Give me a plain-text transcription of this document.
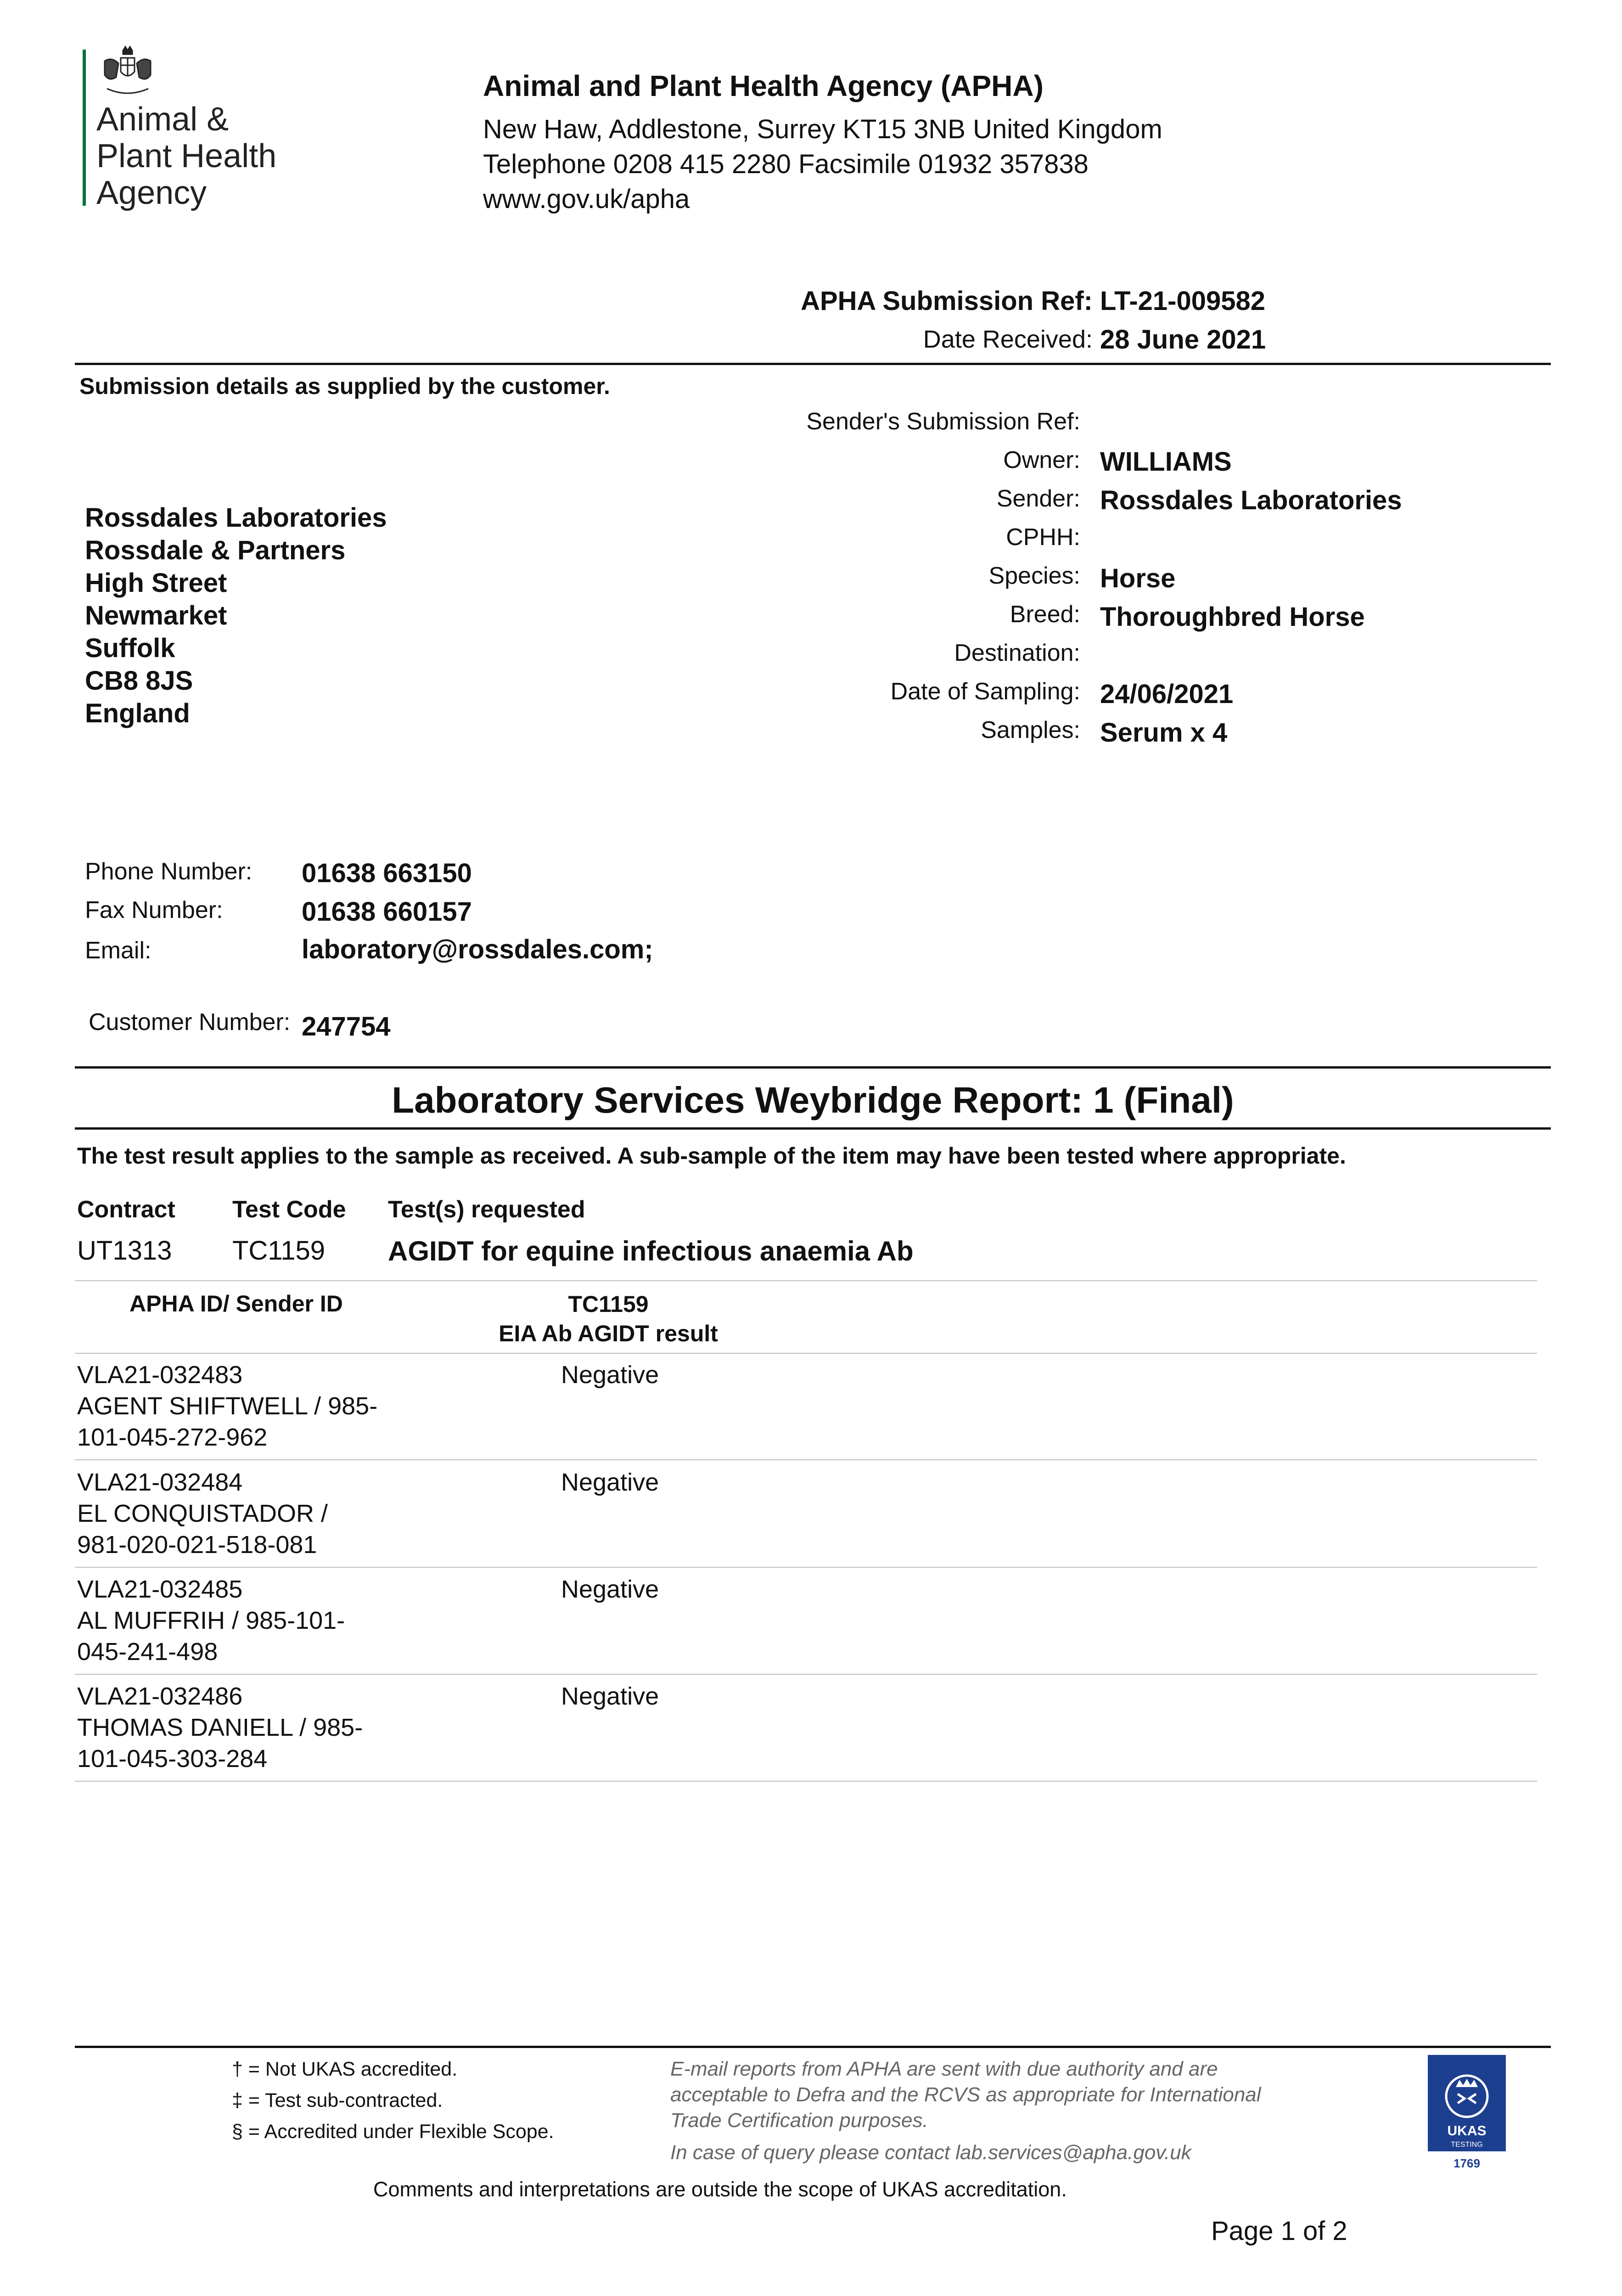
Animal &
Plant Health
Agency
Animal and Plant Health Agency (APHA)
New Haw, Addlestone, Surrey KT15 3NB United Kingdom
Telephone 0208 415 2280 Facsimile 01932 357838
www.gov.uk/apha
APHA Submission Ref: LT-21-009582
Date Received: 28 June 2021
Submission details as supplied by the customer.
Rossdales Laboratories
Rossdale & Partners
High Street
Newmarket
Suffolk
CB8 8JS
England
Sender's Submission Ref:
Owner: WILLIAMS
Sender: Rossdales Laboratories
CPHH:
Species: Horse
Breed: Thoroughbred Horse
Destination:
Date of Sampling: 24/06/2021
Samples: Serum x 4
Phone Number: 01638 663150
Fax Number:	01638 660157
Email:	laboratory@rossdales.com;
Customer Number: 247754
Laboratory Services Weybridge Report: 1 (Final)
The test result applies to the sample as received. A sub-sample of the item may have been tested where appropriate.
Contract Test Code Test(s) requested
UT1313 TC1159 AGIDT for equine infectious anaemia Ab
APHA ID/ Sender ID	TC1159
EIA Ab AGIDT result
VLA21-032483
AGENT SHIFTWELL / 985-
101-045-272-962
Negative
VLA21-032484
EL CONQUISTADOR /
981-020-021-518-081
Negative
VLA21-032485
AL MUFFRIH / 985-101-
045-241-498
Negative
VLA21-032486
THOMAS DANIELL / 985-
101-045-303-284
Negative
† = Not UKAS accredited.
‡ = Test sub-contracted.
§ = Accredited under Flexible Scope.
E-mail reports from APHA are sent with due authority and are
acceptable to Defra and the RCVS as appropriate for International
Trade Certification purposes.
In case of query please contact lab.services@apha.gov.uk
UKAS
TESTING
1769
Comments and interpretations are outside the scope of UKAS accreditation.
Page 1 of 2
